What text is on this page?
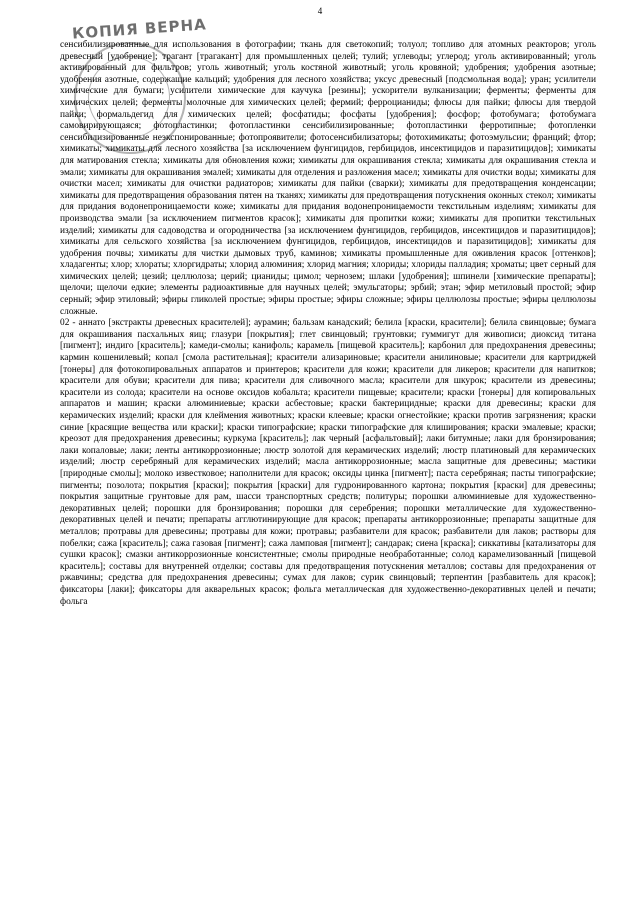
4
КОПИЯ ВЕРНА

сенсибилизированные для использования в фотографии; ткань для светокопий; толуол; топливо для атомных реакторов; уголь древесный [удобрение]; трагант [трагакант] для промышленных целей; тулий; углеводы; углерод; уголь активированный; уголь активированный для фильтров; уголь животный; уголь костяной животный; уголь кровяной; удобрения; удобрения азотные; удобрения азотные, содержащие кальций; удобрения для лесного хозяйства; уксус древесный [подсмольная вода]; уран; усилители химические для бумаги; усилители химические для каучука [резины]; ускорители вулканизации; ферменты; ферменты для химических целей; ферменты молочные для химических целей; фермий; ферроцианиды; флюсы для пайки; флюсы для твердой пайки; формальдегид для химических целей; фосфатиды; фосфаты [удобрения]; фосфор; фотобумага; фотобумага самовирирующаяся; фотопластинки; фотопластинки сенсибилизированные; фотопластинки ферротипные; фотопленки сенсибилизированные неэкспонированные; фотопроявители; фотосенсибилизаторы; фотохимикаты; фотоэмульсии; франций; фтор; химикаты; химикаты для лесного хозяйства [за исключением фунгицидов, гербицидов, инсектицидов и паразитицидов]; химикаты для матирования стекла; химикаты для обновления кожи; химикаты для окрашивания стекла; химикаты для окрашивания стекла и эмали; химикаты для окрашивания эмалей; химикаты для отделения и разложения масел; химикаты для очистки воды; химикаты для очистки масел; химикаты для очистки радиаторов; химикаты для пайки (сварки); химикаты для предотвращения конденсации; химикаты для предотвращения образования пятен на тканях; химикаты для предотвращения потускнения оконных стекол; химикаты для придания водонепроницаемости коже; химикаты для придания водонепроницаемости текстильным изделиям; химикаты для производства эмали [за исключением пигментов красок]; химикаты для пропитки кожи; химикаты для пропитки текстильных изделий; химикаты для садоводства и огородничества [за исключением фунгицидов, гербицидов, инсектицидов и паразитицидов]; химикаты для сельского хозяйства [за исключением фунгицидов, гербицидов, инсектицидов и паразитицидов]; химикаты для удобрения почвы; химикаты для чистки дымовых труб, каминов; химикаты промышленные для оживления красок [оттенков]; хладагенты; хлор; хлораты; хлоргидраты; хлорид алюминия; хлорид магния; хлориды; хлориды палладия; хроматы; цвет серный для химических целей; цезий; целлюлоза; церий; цианиды; цимол; чернозем; шлаки [удобрения]; шпинели [химические препараты]; щелочи; щелочи едкие; элементы радиоактивные для научных целей; эмульгаторы; эрбий; этан; эфир метиловый простой; эфир серный; эфир этиловый; эфиры гликолей простые; эфиры простые; эфиры сложные; эфиры целлюлозы простые; эфиры целлюлозы сложные.

02 - аннато [экстракты древесных красителей]; аурамин; бальзам канадский; белила [краски, красители]; белила свинцовые; бумага для окрашивания пасхальных яиц; глазури [покрытия]; глет свинцовый; грунтовки; гуммигут для живописи; диоксид титана [пигмент]; индиго [краситель]; камеди-смолы; канифоль; карамель [пищевой краситель]; карбонил для предохранения древесины; кармин кошенилевый; копал [смола растительная]; красители ализариновые; красители анилиновые; красители для картриджей [тонеры] для фотокопировальных аппаратов и принтеров; красители для кожи; красители для ликеров; красители для напитков; красители для обуви; красители для пива; красители для сливочного масла; красители для шкурок; красители из древесины; красители из солода; красители на основе оксидов кобальта; красители пищевые; красители; краски [тонеры] для копировальных аппаратов и машин; краски алюминиевые; краски асбестовые; краски бактерицидные; краски для древесины; краски для керамических изделий; краски для клеймения животных; краски клеевые; краски огнестойкие; краски против загрязнения; краски синие [красящие вещества или краски]; краски типографские; краски типографские для клиширования; краски эмалевые; краски; креозот для предохранения древесины; куркума [краситель]; лак черный [асфальтовый]; лаки битумные; лаки для бронзирования; лаки копаловые; лаки; ленты антикоррозионные; люстр золотой для керамических изделий; люстр платиновый для керамических изделий; люстр серебряный для керамических изделий; масла антикоррозионные; масла защитные для древесины; мастики [природные смолы]; молоко известковое; наполнители для красок; оксиды цинка [пигмент]; паста серебряная; пасты типографские; пигменты; позолота; покрытия [краски]; покрытия [краски] для гудронированного картона; покрытия [краски] для древесины; покрытия защитные грунтовые для рам, шасси транспортных средств; политуры; порошки алюминиевые для художественно-декоративных целей; порошки для бронзирования; порошки для серебрения; порошки металлические для художественно-декоративных целей и печати; препараты агглютинирующие для красок; препараты антикоррозионные; препараты защитные для металлов; протравы для древесины; протравы для кожи; протравы; разбавители для красок; разбавители для лаков; растворы для побелки; сажа [краситель]; сажа газовая [пигмент]; сажа ламповая [пигмент]; сандарак; сиена [краска]; сиккативы [катализаторы для сушки красок]; смазки антикоррозионные консистентные; смолы природные необработанные; солод карамелизованный [пищевой краситель]; составы для внутренней отделки; составы для предотвращения потускнения металлов; составы для предохранения от ржавчины; средства для предохранения древесины; сумах для лаков; сурик свинцовый; терпентин [разбавитель для красок]; фиксаторы [лаки]; фиксаторы для акварельных красок; фольга металлическая для художественно-декоративных целей и печати; фольга
